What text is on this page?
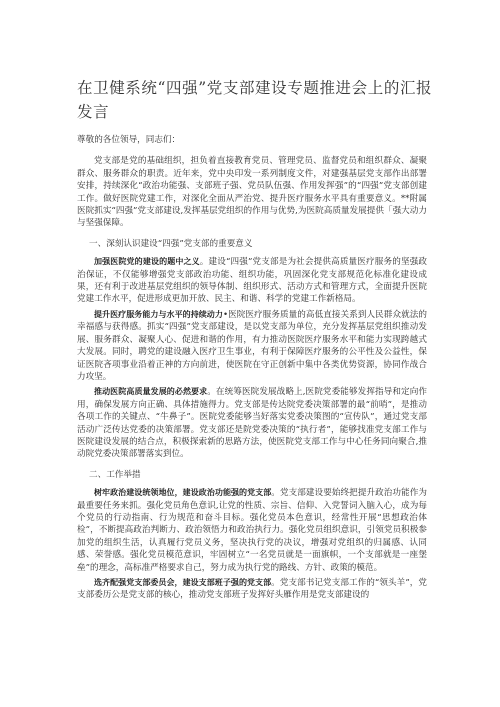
在卫健系统“四强”党支部建设专题推进会上的汇报发言

尊敬的各位领导，同志们：

党支部是党的基础组织，担负着直接教育党员、管理党员、监督党员和组织群众、凝聚群众、服务群众的职责。近年来，党中央印发一系列制度文件，对建强基层党支部作出部署安排，持续深化“政治功能强、支部班子强、党员队伍强、作用发挥强”的“四强”党支部创建工作。做好医院党建工作，对深化全面从严治党、提升医疗服务水平具有重要意义。**附属医院抓实“四强”党支部建设,发挥基层党组织的作用与优势,为医院高质量发展提供「强大动力与坚强保障。

一、深刻认识建设“四强”党支部的重要意义

加强医院党的建设的题中之义。建设“四强”党支部是为社会提供高质量医疗服务的坚强政治保证，不仅能够增强党支部政治功能、组织功能，巩固深化党支部规范化标准化建设成果，还有利于改进基层党组织的领导体制、组织形式、活动方式和管理方式，全面提升医院党建工作水平，促进形成更加开放、民主、和谐、科学的党建工作新格局。

提升医疗服务能力与水平的持续动力•医院医疗服务质量的高低直接关系到人民群众就法的幸福感与获得感。抓实“四强”党支部建设，是以党支部为单位，充分发挥基层党组织推动发展、服务群众、凝聚人心、促进和谐的作用，有力推动医院医疗服务水平和能力实现跨越式大发展。同时，聘党的建设融入医疗卫生事业，有利于保障医疗服务的公平性及公益性，保证医院吝项事业沿着正神的方向前进，使医院在守正创新中集中各类优势资源，协同作战合力攻坚。

推动医院高质量发展的必然要求。在统筹医院发展战略上,医院党委能够发挥指导和定向作用，确保发展方向正确、具体措施得力。党支部是传达院党委决策部署的最“前哨”，是推动各项工作的关键点、“牛鼻子”。医院党委能够当好落实党委决策图的“宣传队”，通过党支部活动广泛传达党委的决策部署。党支部还是院党委决策的“执行者”，能够找准党支部工作与医院建设发展的结合点，积极探索新的思路方法，使医院党支部工作与中心任务同向聚合,推动院党委决策部署落实到位。

二、工作举措

树牢政治建设统领地位，建设政治功能强的党支部。党支部建设要始终把提升政治功能作为最重要任务来抓。强化党员角色意识,让党的性质、宗旨、信仰、入党誓词入脑入心，成为每个党员的行动指南、行为规范和奋斗目标。强化党员本色意识，经常性开展“思想政治体检”，不断提高政治判断力、政治领悟力和政治执行力。强化党员组织意识，引领党员积极参加党的组织生活，认真履行党员义务，坚决执行党的决议，增强对党组织的归属感、认同感、荣誉感。强化党员模范意识，牢固树立“一名党员就是一面旗帜，一个支部就是一座堡垒”的理念，高标准严格要求自己，努力成为执行党的路线、方针、政策的模范。

选齐配强党支部委员会，建设支部班子强的党支部。党支部书记党支部工作的“领头羊”，党支部委历公是党支部的核心，推动党支部班子发挥好头雁作用是党支部建设的
